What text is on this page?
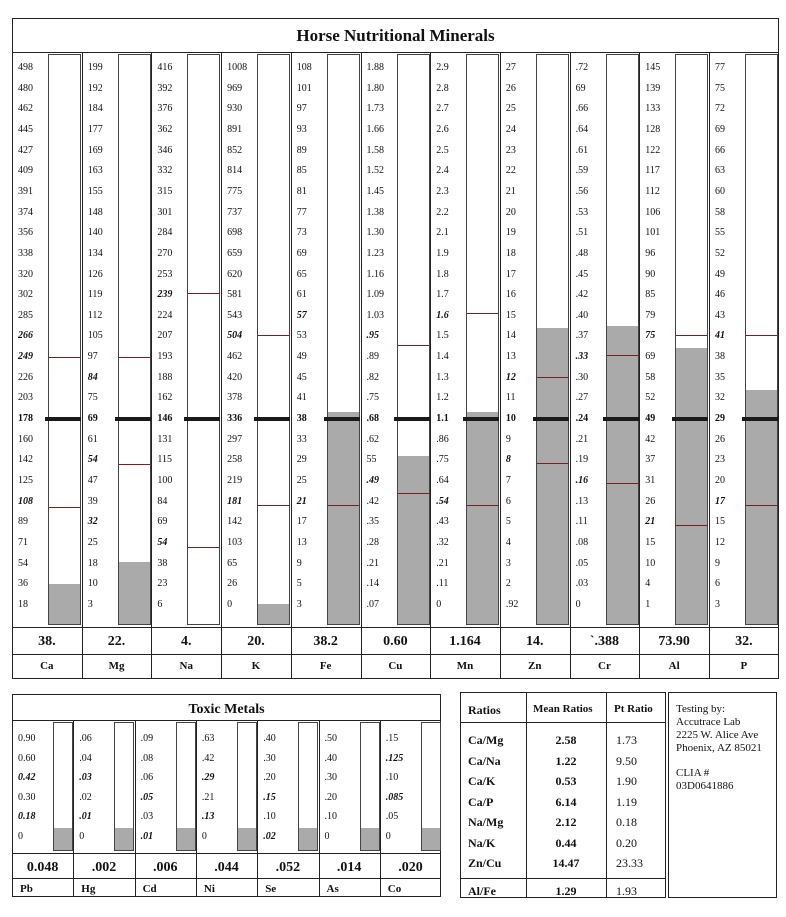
Horse Nutritional Minerals
498
480
462
445
427
409
391
374
356
338
320
302
285
266
249
226
203
178
160
142
125
108
89
71
54
36
18
38.
Ca
199
192
184
177
169
163
155
148
140
134
126
119
112
105
97
84
75
69
61
54
47
39
32
25
18
10
3
22.
Mg
416
392
376
362
346
332
315
301
284
270
253
239
224
207
193
188
162
146
131
115
100
84
69
54
38
23
6
4.
Na
1008
969
930
891
852
814
775
737
698
659
620
581
543
504
462
420
378
336
297
258
219
181
142
103
65
26
0
20.
K
108
101
97
93
89
85
81
77
73
69
65
61
57
53
49
45
41
38
33
29
25
21
17
13
9
5
3
38.2
Fe
1.88
1.80
1.73
1.66
1.58
1.52
1.45
1.38
1.30
1.23
1.16
1.09
1.03
.95
.89
.82
.75
.68
.62
55
.49
.42
.35
.28
.21
.14
.07
0.60
Cu
2.9
2.8
2.7
2.6
2.5
2.4
2.3
2.2
2.1
1.9
1.8
1.7
1.6
1.5
1.4
1.3
1.2
1.1
.86
.75
.64
.54
.43
.32
.21
.11
0
1.164
Mn
27
26
25
24
23
22
21
20
19
18
17
16
15
14
13
12
11
10
9
8
7
6
5
4
3
2
.92
14.
Zn
.72
69
.66
.64
.61
.59
.56
.53
.51
.48
.45
.42
.40
.37
.33
.30
.27
.24
.21
.19
.16
.13
.11
.08
.05
.03
0
`.388
Cr
145
139
133
128
122
117
112
106
101
96
90
85
79
75
69
58
52
49
42
37
31
26
21
15
10
4
1
73.90
Al
77
75
72
69
66
63
60
58
55
52
49
46
43
41
38
35
32
29
26
23
20
17
15
12
9
6
3
32.
P
Toxic Metals
0.90
0.60
0.42
0.30
0.18
0
0.048
Pb
.06
.04
.03
.02
.01
0
.002
Hg
.09
.08
.06
.05
.03
.01
.006
Cd
.63
.42
.29
.21
.13
0
.044
Ni
.40
.30
.20
.15
.10
.02
.052
Se
.50
.40
.30
.20
.10
0
.014
As
.15
.125
.10
.085
.05
0
.020
Co
Ratios	Mean Ratios Pt Ratio
Ca/Mg	2.58	1.73
Ca/Na	1.22	9.50
Ca/K	0.53	1.90
Ca/P	6.14	1.19
Na/Mg	2.12	0.18
Na/K	0.44	0.20
Zn/Cu	14.47	23.33
Al/Fe	1.29	1.93
Testing by:
Accutrace Lab
2225 W. Alice Ave
Phoenix, AZ 85021
CLIA #
03D0641886
